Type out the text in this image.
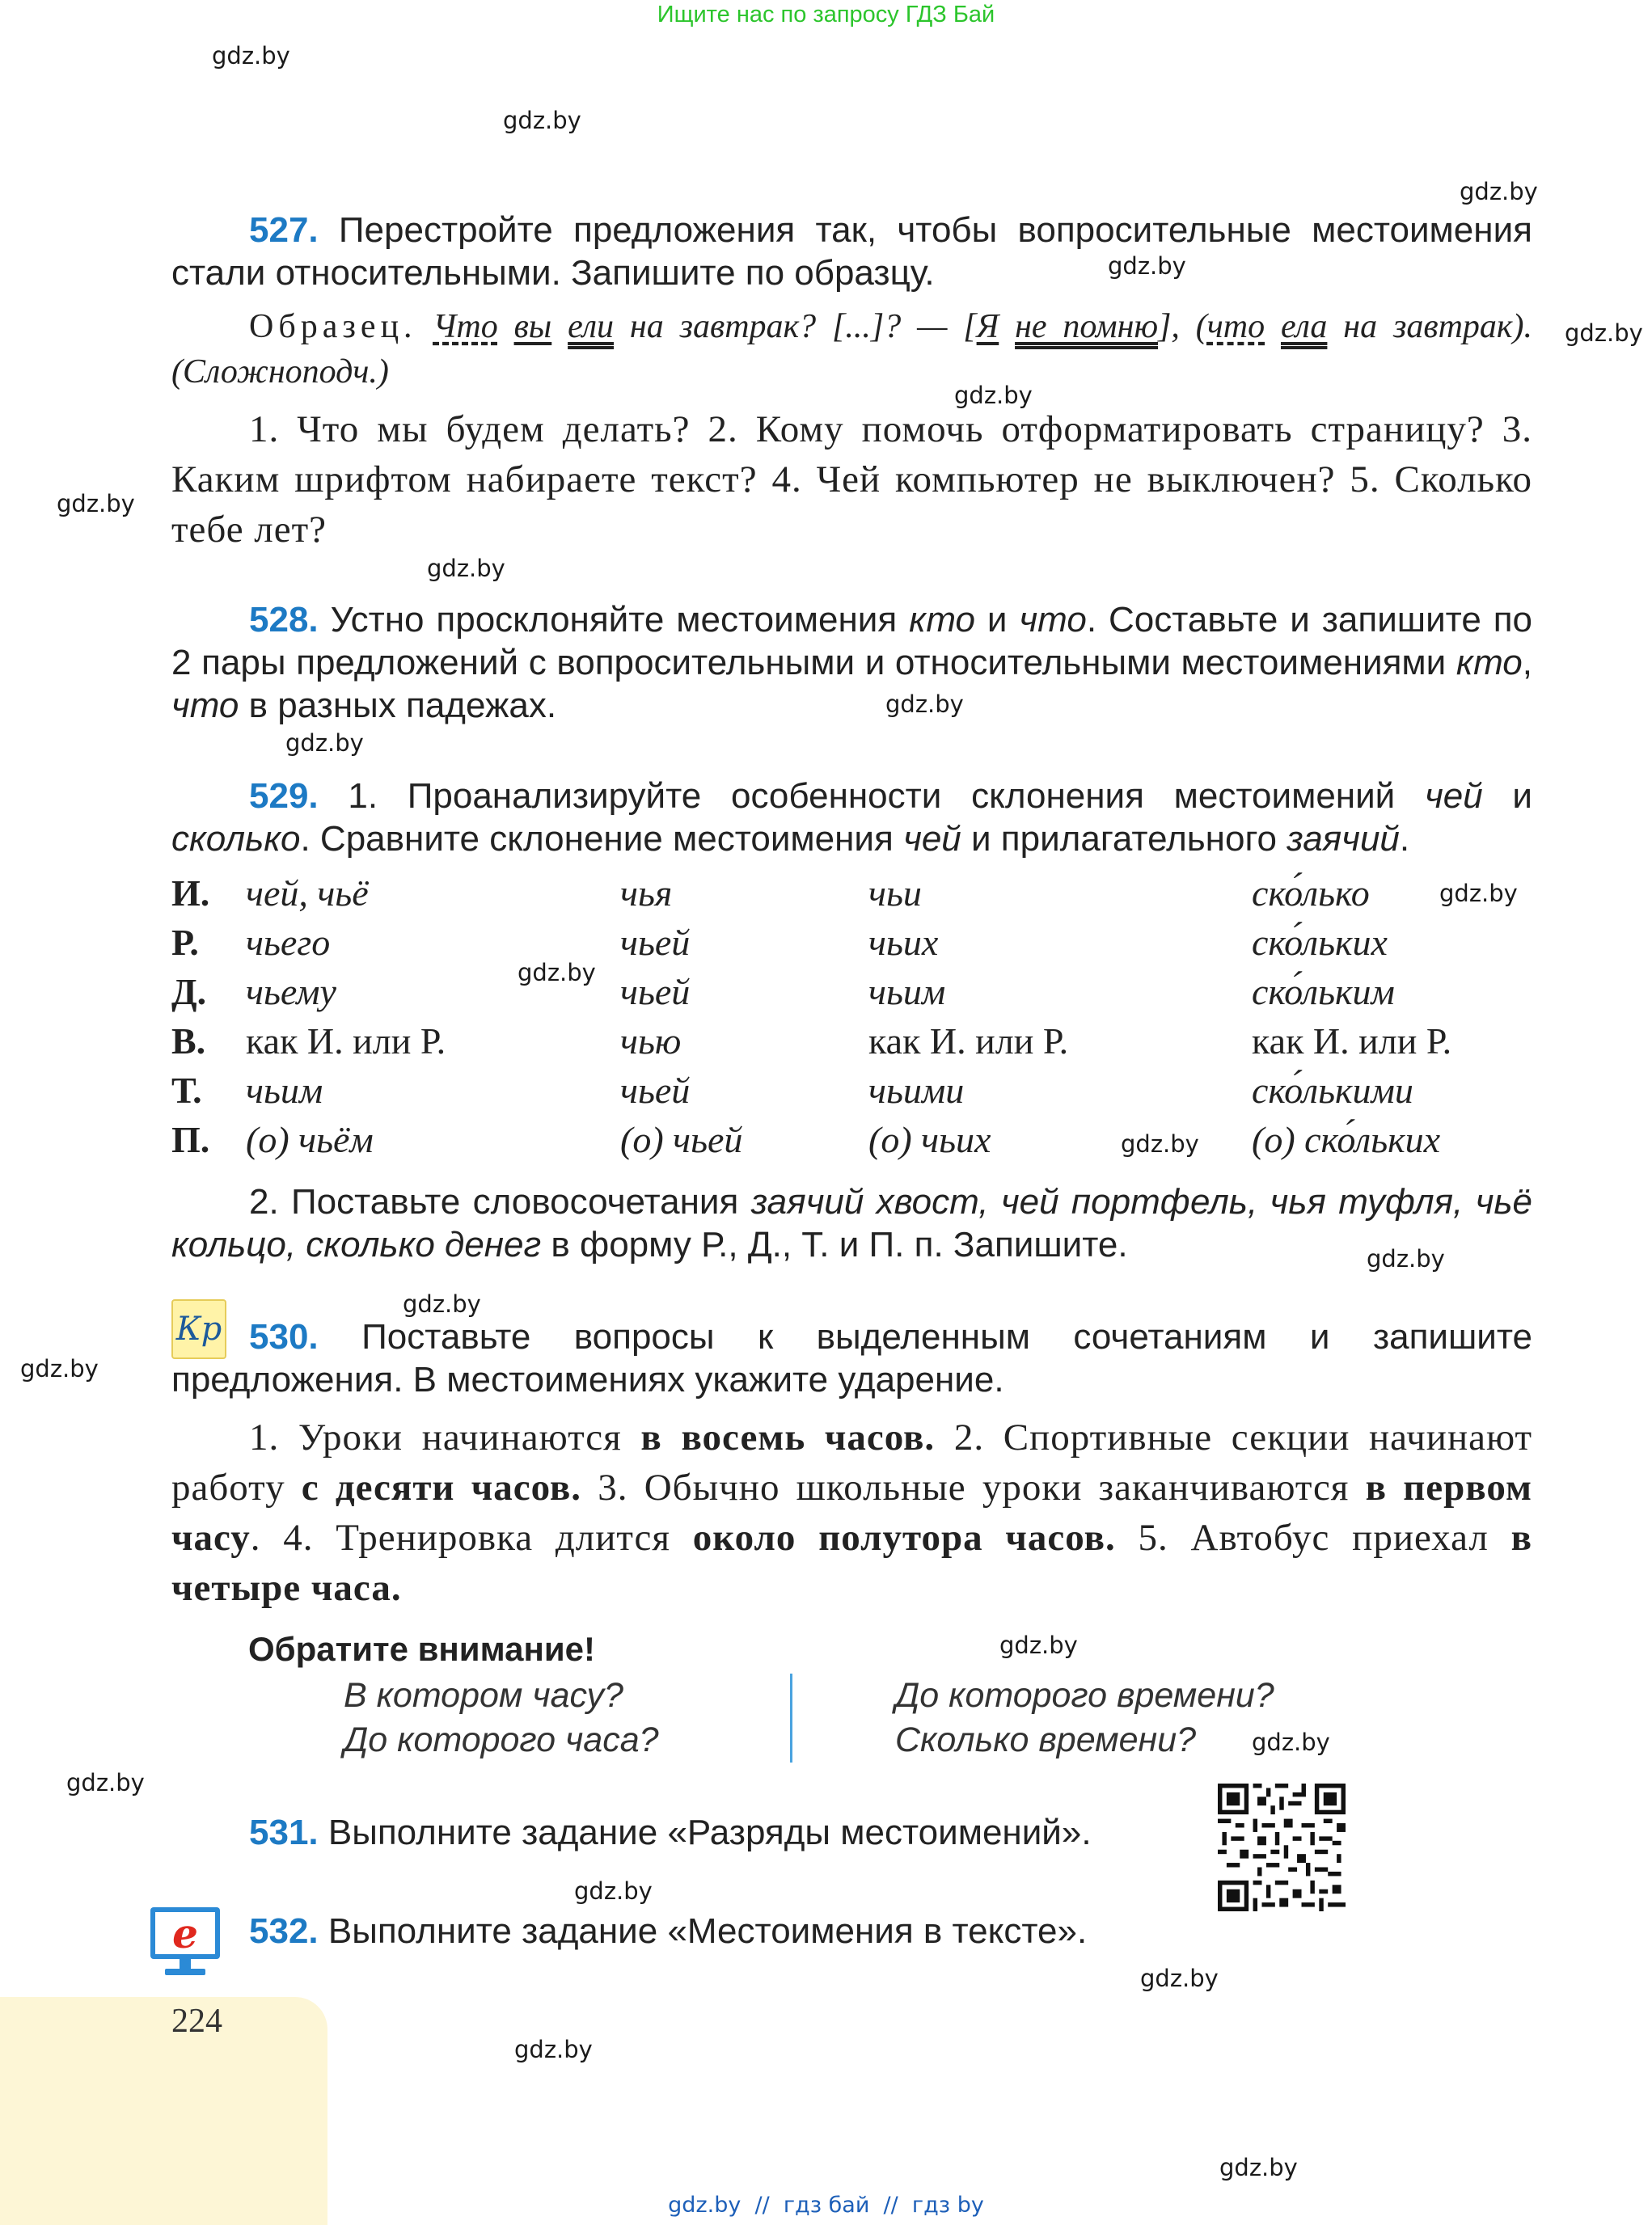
Ищите нас по запросу ГДЗ Бай
gdz.by
gdz.by
gdz.by
gdz.by
gdz.by
gdz.by
gdz.by
gdz.by
gdz.by
gdz.by
gdz.by
gdz.by
gdz.by
gdz.by
gdz.by
gdz.by
gdz.by
gdz.by
gdz.by
gdz.by
gdz.by
gdz.by
gdz.by

527. Перестройте предложения так, чтобы вопросительные местоимения стали относительными. Запишите по образцу.

Образец. Что вы ели на завтрак? [...]? — [Я не помню], (что ела на завтрак). (Сложноподч.)

1. Что мы будем делать? 2. Кому помочь отформатировать страницу? 3. Каким шрифтом набираете текст? 4. Чей компьютер не выключен? 5. Сколько тебе лет?

528. Устно просклоняйте местоимения кто и что. Составьте и запишите по 2 пары предложений с вопросительными и относительными местоимениями кто, что в разных падежах.

529. 1. Проанализируйте особенности склонения местоимений чей и сколько. Сравните склонение местоимения чей и прилагательного заячий.

И. чей, чьё	чья	чьи	ско́лько
Р. чьего	чьей	чьих	ско́льких
Д. чьему	чьей	чьим	ско́льким
В. как И. или Р.	чью	как И. или Р.	как И. или Р.
Т. чьим	чьей	чьими	ско́лькими
П. (о) чьём	(о) чьей	(о) чьих	(о) ско́льких

2. Поставьте словосочетания заячий хвост, чей портфель, чья туфля, чьё кольцо, сколько денег в форму Р., Д., Т. и П. п. Запишите.

Кр 530. Поставьте вопросы к выделенным сочетаниям и запишите предложения. В местоимениях укажите ударение.

1. Уроки начинаются в восемь часов. 2. Спортивные секции начинают работу с десяти часов. 3. Обычно школьные уроки заканчиваются в первом часу. 4. Тренировка длится около полутора часов. 5. Автобус приехал в четыре часа.

Обратите внимание!
В котором часу?
До которого часа?
До которого времени?
Сколько времени?

531. Выполните задание «Разряды местоимений».

e	532. Выполните задание «Местоимения в тексте».

224
gdz.by  //  гдз бай  //  гдз by
